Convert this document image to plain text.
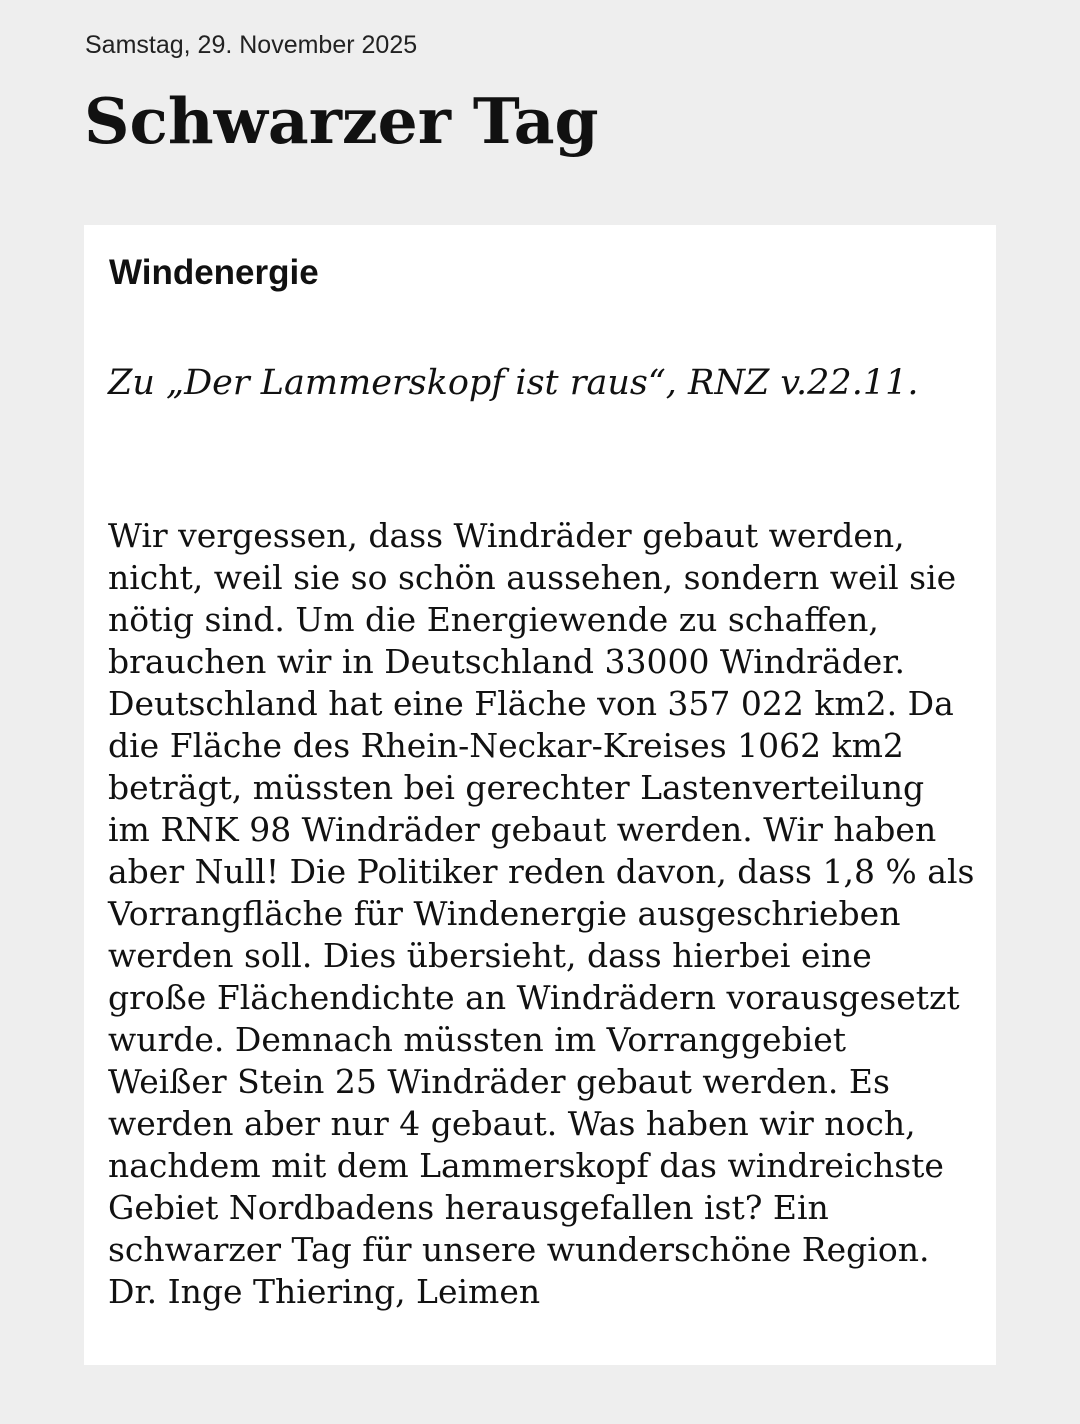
Samstag, 29. November 2025
Schwarzer Tag
Windenergie
Zu „Der Lammerskopf ist raus“, RNZ v.22.11.

Wir vergessen, dass Windräder gebaut werden,
nicht, weil sie so schön aussehen, sondern weil sie
nötig sind. Um die Energiewende zu schaffen,
brauchen wir in Deutschland 33000 Windräder.
Deutschland hat eine Fläche von 357 022 km2. Da
die Fläche des Rhein-Neckar-Kreises 1062 km2
beträgt, müssten bei gerechter Lastenverteilung
im RNK 98 Windräder gebaut werden. Wir haben
aber Null! Die Politiker reden davon, dass 1,8 % als
Vorrangfläche für Windenergie ausgeschrieben
werden soll. Dies übersieht, dass hierbei eine
große Flächendichte an Windrädern vorausgesetzt
wurde. Demnach müssten im Vorranggebiet
Weißer Stein 25 Windräder gebaut werden. Es
werden aber nur 4 gebaut. Was haben wir noch,
nachdem mit dem Lammerskopf das windreichste
Gebiet Nordbadens herausgefallen ist? Ein
schwarzer Tag für unsere wunderschöne Region.
Dr. Inge Thiering, Leimen
